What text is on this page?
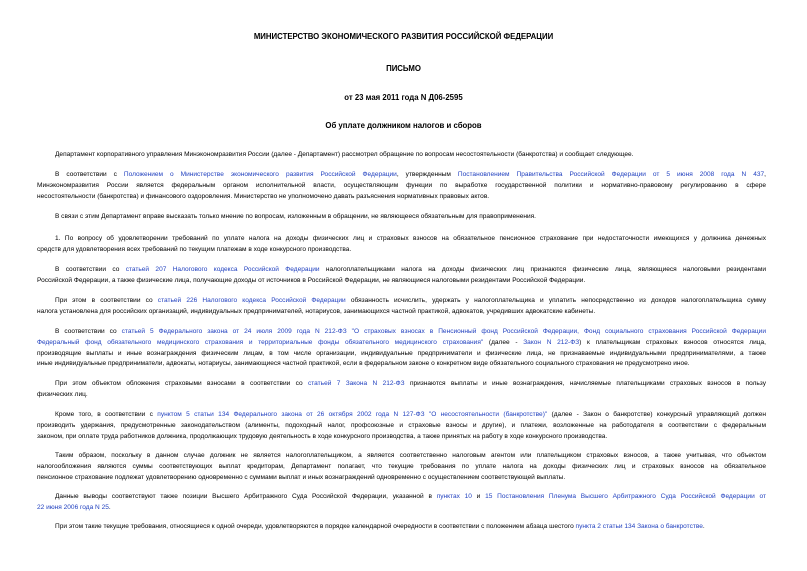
МИНИСТЕРСТВО ЭКОНОМИЧЕСКОГО РАЗВИТИЯ РОССИЙСКОЙ ФЕДЕРАЦИИ
ПИСЬМО
от 23 мая 2011 года N Д06-2595
Об уплате должником налогов и сборов
Департамент корпоративного управления Минэкономразвития России (далее - Департамент) рассмотрел обращение по вопросам несостоятельности (банкротства) и сообщает следующее.
В соответствии с Положением о Министерстве экономического развития Российской Федерации, утвержденным Постановлением Правительства Российской Федерации от 5 июня 2008 года N 437,
Минэкономразвития России является федеральным органом исполнительной власти, осуществляющим функции по выработке государственной политики и нормативно-правовому регулированию в сфере
несостоятельности (банкротства) и финансового оздоровления. Министерство не уполномочено давать разъяснения нормативных правовых актов.
В связи с этим Департамент вправе высказать только мнение по вопросам, изложенным в обращении, не являющееся обязательным для правоприменения.
1. По вопросу об удовлетворении требований по уплате налога на доходы физических лиц и страховых взносов на обязательное пенсионное страхование при недостаточности имеющихся у должника денежных
средств для удовлетворения всех требований по текущим платежам в ходе конкурсного производства.
В соответствии со статьей 207 Налогового кодекса Российской Федерации налогоплательщиками налога на доходы физических лиц признаются физические лица, являющиеся налоговыми резидентами
Российской Федерации, а также физические лица, получающие доходы от источников в Российской Федерации, не являющиеся налоговыми резидентами Российской Федерации.
При этом в соответствии со статьей 226 Налогового кодекса Российской Федерации обязанность исчислить, удержать у налогоплательщика и уплатить непосредственно из доходов налогоплательщика сумму
налога установлена для российских организаций, индивидуальных предпринимателей, нотариусов, занимающихся частной практикой, адвокатов, учредивших адвокатские кабинеты.
В соответствии со статьей 5 Федерального закона от 24 июля 2009 года N 212-ФЗ "О страховых взносах в Пенсионный фонд Российской Федерации, Фонд социального страхования Российской Федерации
Федеральный фонд обязательного медицинского страхования и территориальные фонды обязательного медицинского страхования" (далее - Закон N 212-ФЗ) к плательщикам страховых взносов относятся лица,
производящие выплаты и иные вознаграждения физическим лицам, в том числе организации, индивидуальные предприниматели и физические лица, не признаваемые индивидуальными предпринимателями, а также
иные индивидуальные предприниматели, адвокаты, нотариусы, занимающиеся частной практикой, если в федеральном законе о конкретном виде обязательного социального страхования не предусмотрено иное.
При этом объектом обложения страховыми взносами в соответствии со статьей 7 Закона N 212-ФЗ признаются выплаты и иные вознаграждения, начисляемые плательщиками страховых взносов в пользу
физических лиц.
Кроме того, в соответствии с пунктом 5 статьи 134 Федерального закона от 26 октября 2002 года N 127-ФЗ "О несостоятельности (банкротстве)" (далее - Закон о банкротстве) конкурсный управляющий должен
производить удержания, предусмотренные законодательством (алименты, подоходный налог, профсоюзные и страховые взносы и другие), и платежи, возложенные на работодателя в соответствии с федеральным
законом, при оплате труда работников должника, продолжающих трудовую деятельность в ходе конкурсного производства, а также принятых на работу в ходе конкурсного производства.
Таким образом, поскольку в данном случае должник не является налогоплательщиком, а является соответственно налоговым агентом или плательщиком страховых взносов, а также учитывая, что объектом
налогообложения являются суммы соответствующих выплат кредиторам, Департамент полагает, что текущие требования по уплате налога на доходы физических лиц и страховых взносов на обязательное
пенсионное страхование подлежат удовлетворению одновременно с суммами выплат и иных вознаграждений одновременно с осуществлением соответствующей выплаты.
Данные выводы соответствуют также позиции Высшего Арбитражного Суда Российской Федерации, указанной в пунктах 10 и 15 Постановления Пленума Высшего Арбитражного Суда Российской Федерации от
22 июня 2006 года N 25.
При этом такие текущие требования, относящиеся к одной очереди, удовлетворяются в порядке календарной очередности в соответствии с положением абзаца шестого пункта 2 статьи 134 Закона о банкротстве.
